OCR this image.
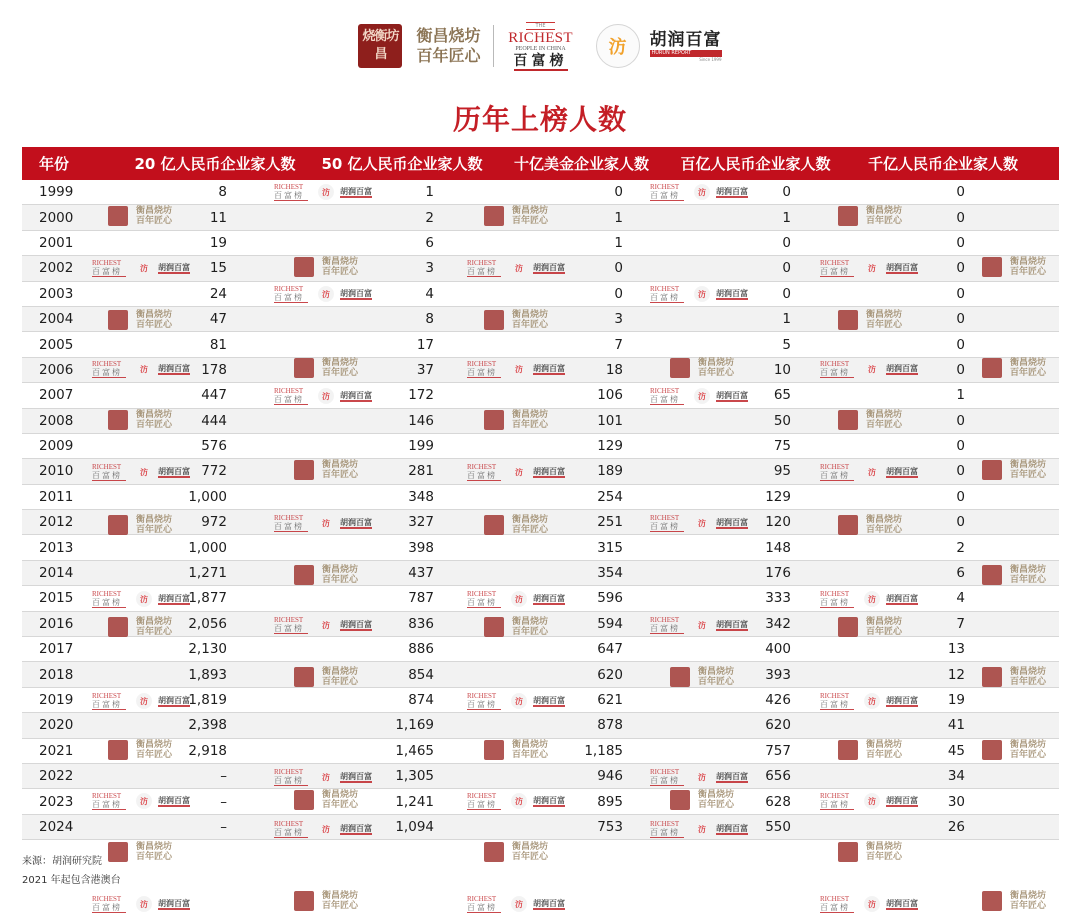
烧衡坊昌
衡昌烧坊
百年匠心
THE
RICHEST
PEOPLE IN CHINA
百富榜
汸 胡润百富
HURUN REPORT
Since 1999
历年上榜人数
年份	20 亿人民币企业家人数	50 亿人民币企业家人数	十亿美金企业家人数	百亿人民币企业家人数	千亿人民币企业家人数
1999	8	1	0	0	0
2000	11	2	1	1	0
2001	19	6	1	0	0
2002	15	3	0	0	0
2003	24	4	0	0	0
2004	47	8	3	1	0
2005	81	17	7	5	0
2006	178	37	18	10	0
2007	447	172	106	65	1
2008	444	146	101	50	0
2009	576	199	129	75	0
2010	772	281	189	95	0
2011	1,000	348	254	129	0
2012	972	327	251	120	0
2013	1,000	398	315	148	2
2014	1,271	437	354	176	6
2015	1,877	787	596	333	4
2016	2,056	836	594	342	7
2017	2,130	886	647	400	13
2018	1,893	854	620	393	12
2019	1,819	874	621	426	19
2020	2,398	1,169	878	620	41
2021	2,918	1,465	1,185	757	45
2022	–	1,305	946	656	34
2023	–	1,241	895	628	30
2024	–	1,094	753	550	26
衡昌烧坊
百年匠心
衡昌烧坊
百年匠心
衡昌烧坊
百年匠心
衡昌烧坊
百年匠心
衡昌烧坊
百年匠心
衡昌烧坊
百年匠心
衡昌烧坊
百年匠心
衡昌烧坊
百年匠心
衡昌烧坊
百年匠心
衡昌烧坊
百年匠心
衡昌烧坊
百年匠心
衡昌烧坊
百年匠心
衡昌烧坊
百年匠心
衡昌烧坊
百年匠心
衡昌烧坊
百年匠心
衡昌烧坊
百年匠心
衡昌烧坊
百年匠心
衡昌烧坊
百年匠心
衡昌烧坊
百年匠心
衡昌烧坊
百年匠心
衡昌烧坊
百年匠心
衡昌烧坊
百年匠心
衡昌烧坊
百年匠心
衡昌烧坊
百年匠心
衡昌烧坊
百年匠心
衡昌烧坊
百年匠心
衡昌烧坊
百年匠心
衡昌烧坊
百年匠心
衡昌烧坊
百年匠心
衡昌烧坊
百年匠心
衡昌烧坊
百年匠心
衡昌烧坊
百年匠心
衡昌烧坊
百年匠心
衡昌烧坊
百年匠心
衡昌烧坊
百年匠心
衡昌烧坊
百年匠心
衡昌烧坊
百年匠心
衡昌烧坊
百年匠心
RICHEST
百富榜	汸	胡润百富
RICHEST
百富榜	汸	胡润百富	RICHEST
百富榜	汸	胡润百富
RICHEST
百富榜	汸	胡润百富
RICHEST
百富榜	汸	胡润百富
RICHEST
百富榜	汸	胡润百富	RICHEST
百富榜	汸	胡润百富
RICHEST
百富榜	汸	胡润百富	RICHEST
百富榜	汸	胡润百富	RICHEST
百富榜	汸	胡润百富
RICHEST
百富榜	汸	胡润百富	RICHEST
百富榜	汸	胡润百富
RICHEST
百富榜	汸	胡润百富	RICHEST
百富榜	汸	胡润百富	RICHEST
百富榜	汸	胡润百富
RICHEST
百富榜	汸	胡润百富	RICHEST
百富榜	汸	胡润百富
RICHEST
百富榜	汸	胡润百富	RICHEST
百富榜	汸	胡润百富	RICHEST
百富榜	汸	胡润百富
RICHEST
百富榜	汸	胡润百富	RICHEST
百富榜	汸	胡润百富
RICHEST
百富榜	汸	胡润百富	RICHEST
百富榜	汸	胡润百富	RICHEST
百富榜	汸	胡润百富
RICHEST
百富榜	汸	胡润百富	RICHEST
百富榜	汸	胡润百富
RICHEST
百富榜	汸	胡润百富	RICHEST
百富榜	汸	胡润百富	RICHEST
百富榜	汸	胡润百富
RICHEST
百富榜	汸	胡润百富	RICHEST
百富榜	汸	胡润百富
RICHEST
百富榜	汸	胡润百富	RICHEST
百富榜	汸	胡润百富	RICHEST
百富榜	汸	胡润百富
来源：胡润研究院
2021 年起包含港澳台
